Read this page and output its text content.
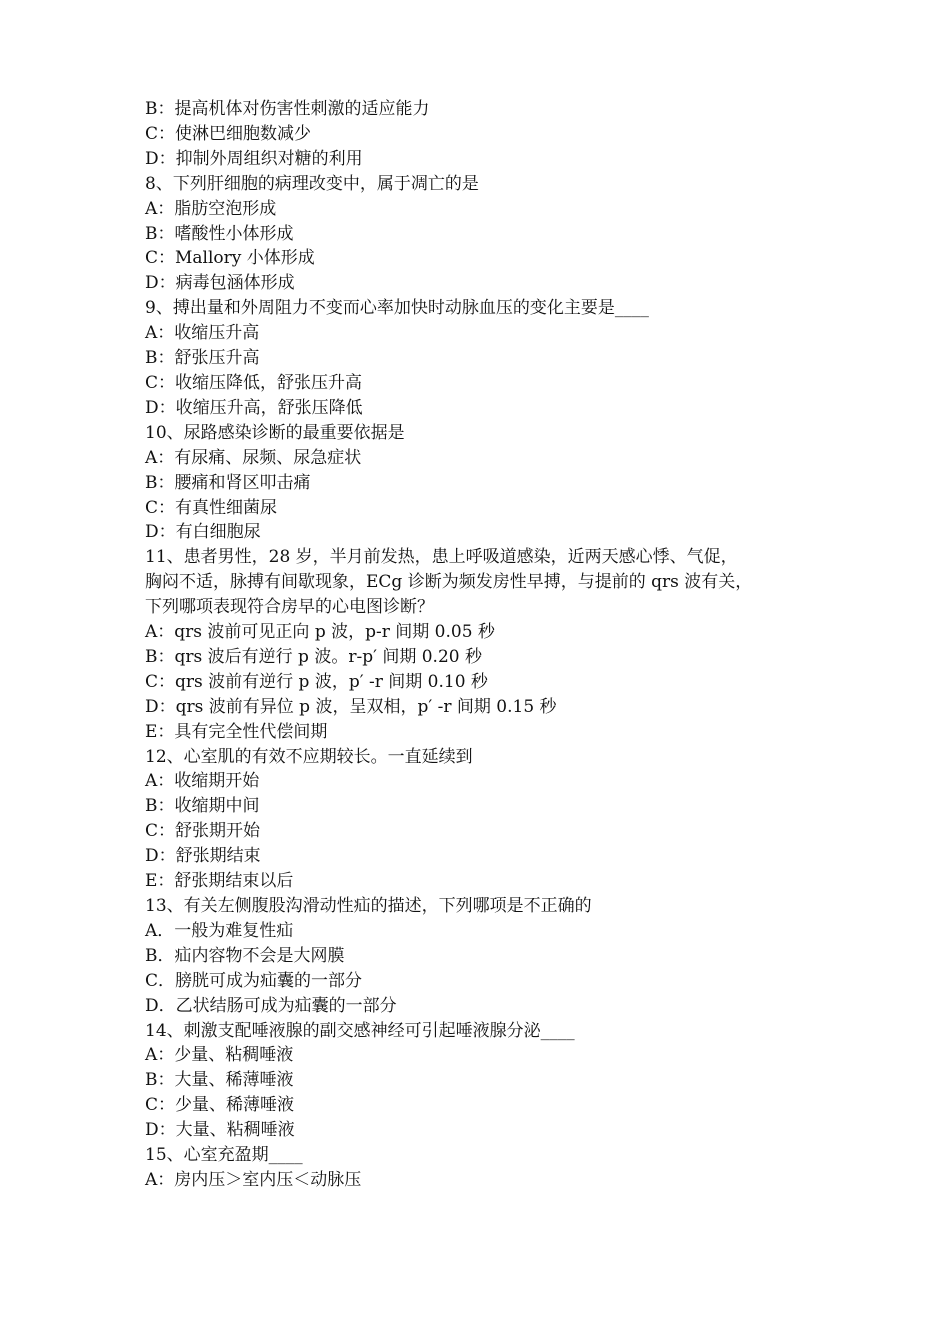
B：提高机体对伤害性刺激的适应能力

C：使淋巴细胞数减少

D：抑制外周组织对糖的利用

8、下列肝细胞的病理改变中，属于凋亡的是

A：脂肪空泡形成

B：嗜酸性小体形成

C：Mallory 小体形成

D：病毒包涵体形成

9、搏出量和外周阻力不变而心率加快时动脉血压的变化主要是____

A：收缩压升高

B：舒张压升高

C：收缩压降低，舒张压升高

D：收缩压升高，舒张压降低

10、尿路感染诊断的最重要依据是

A：有尿痛、尿频、尿急症状

B：腰痛和肾区叩击痛

C：有真性细菌尿

D：有白细胞尿

11、患者男性，28 岁，半月前发热，患上呼吸道感染，近两天感心悸、气促，

胸闷不适，脉搏有间歇现象，ECg 诊断为频发房性早搏，与提前的 qrs 波有关，

下列哪项表现符合房早的心电图诊断？

A：qrs 波前可见正向 p 波，p-r 间期 0.05 秒

B：qrs 波后有逆行 p 波。r-p′ 间期 0.20 秒

C：qrs 波前有逆行 p 波，p′ -r 间期 0.10 秒

D：qrs 波前有异位 p 波，呈双相，p′ -r 间期 0.15 秒

E：具有完全性代偿间期

12、心室肌的有效不应期较长。一直延续到

A：收缩期开始

B：收缩期中间

C：舒张期开始

D：舒张期结束

E：舒张期结束以后

13、有关左侧腹股沟滑动性疝的描述，下列哪项是不正确的

A．一般为难复性疝

B．疝内容物不会是大网膜

C．膀胱可成为疝囊的一部分

D．乙状结肠可成为疝囊的一部分

14、刺激支配唾液腺的副交感神经可引起唾液腺分泌____

A：少量、粘稠唾液

B：大量、稀薄唾液

C：少量、稀薄唾液

D：大量、粘稠唾液

15、心室充盈期____

A：房内压＞室内压＜动脉压
